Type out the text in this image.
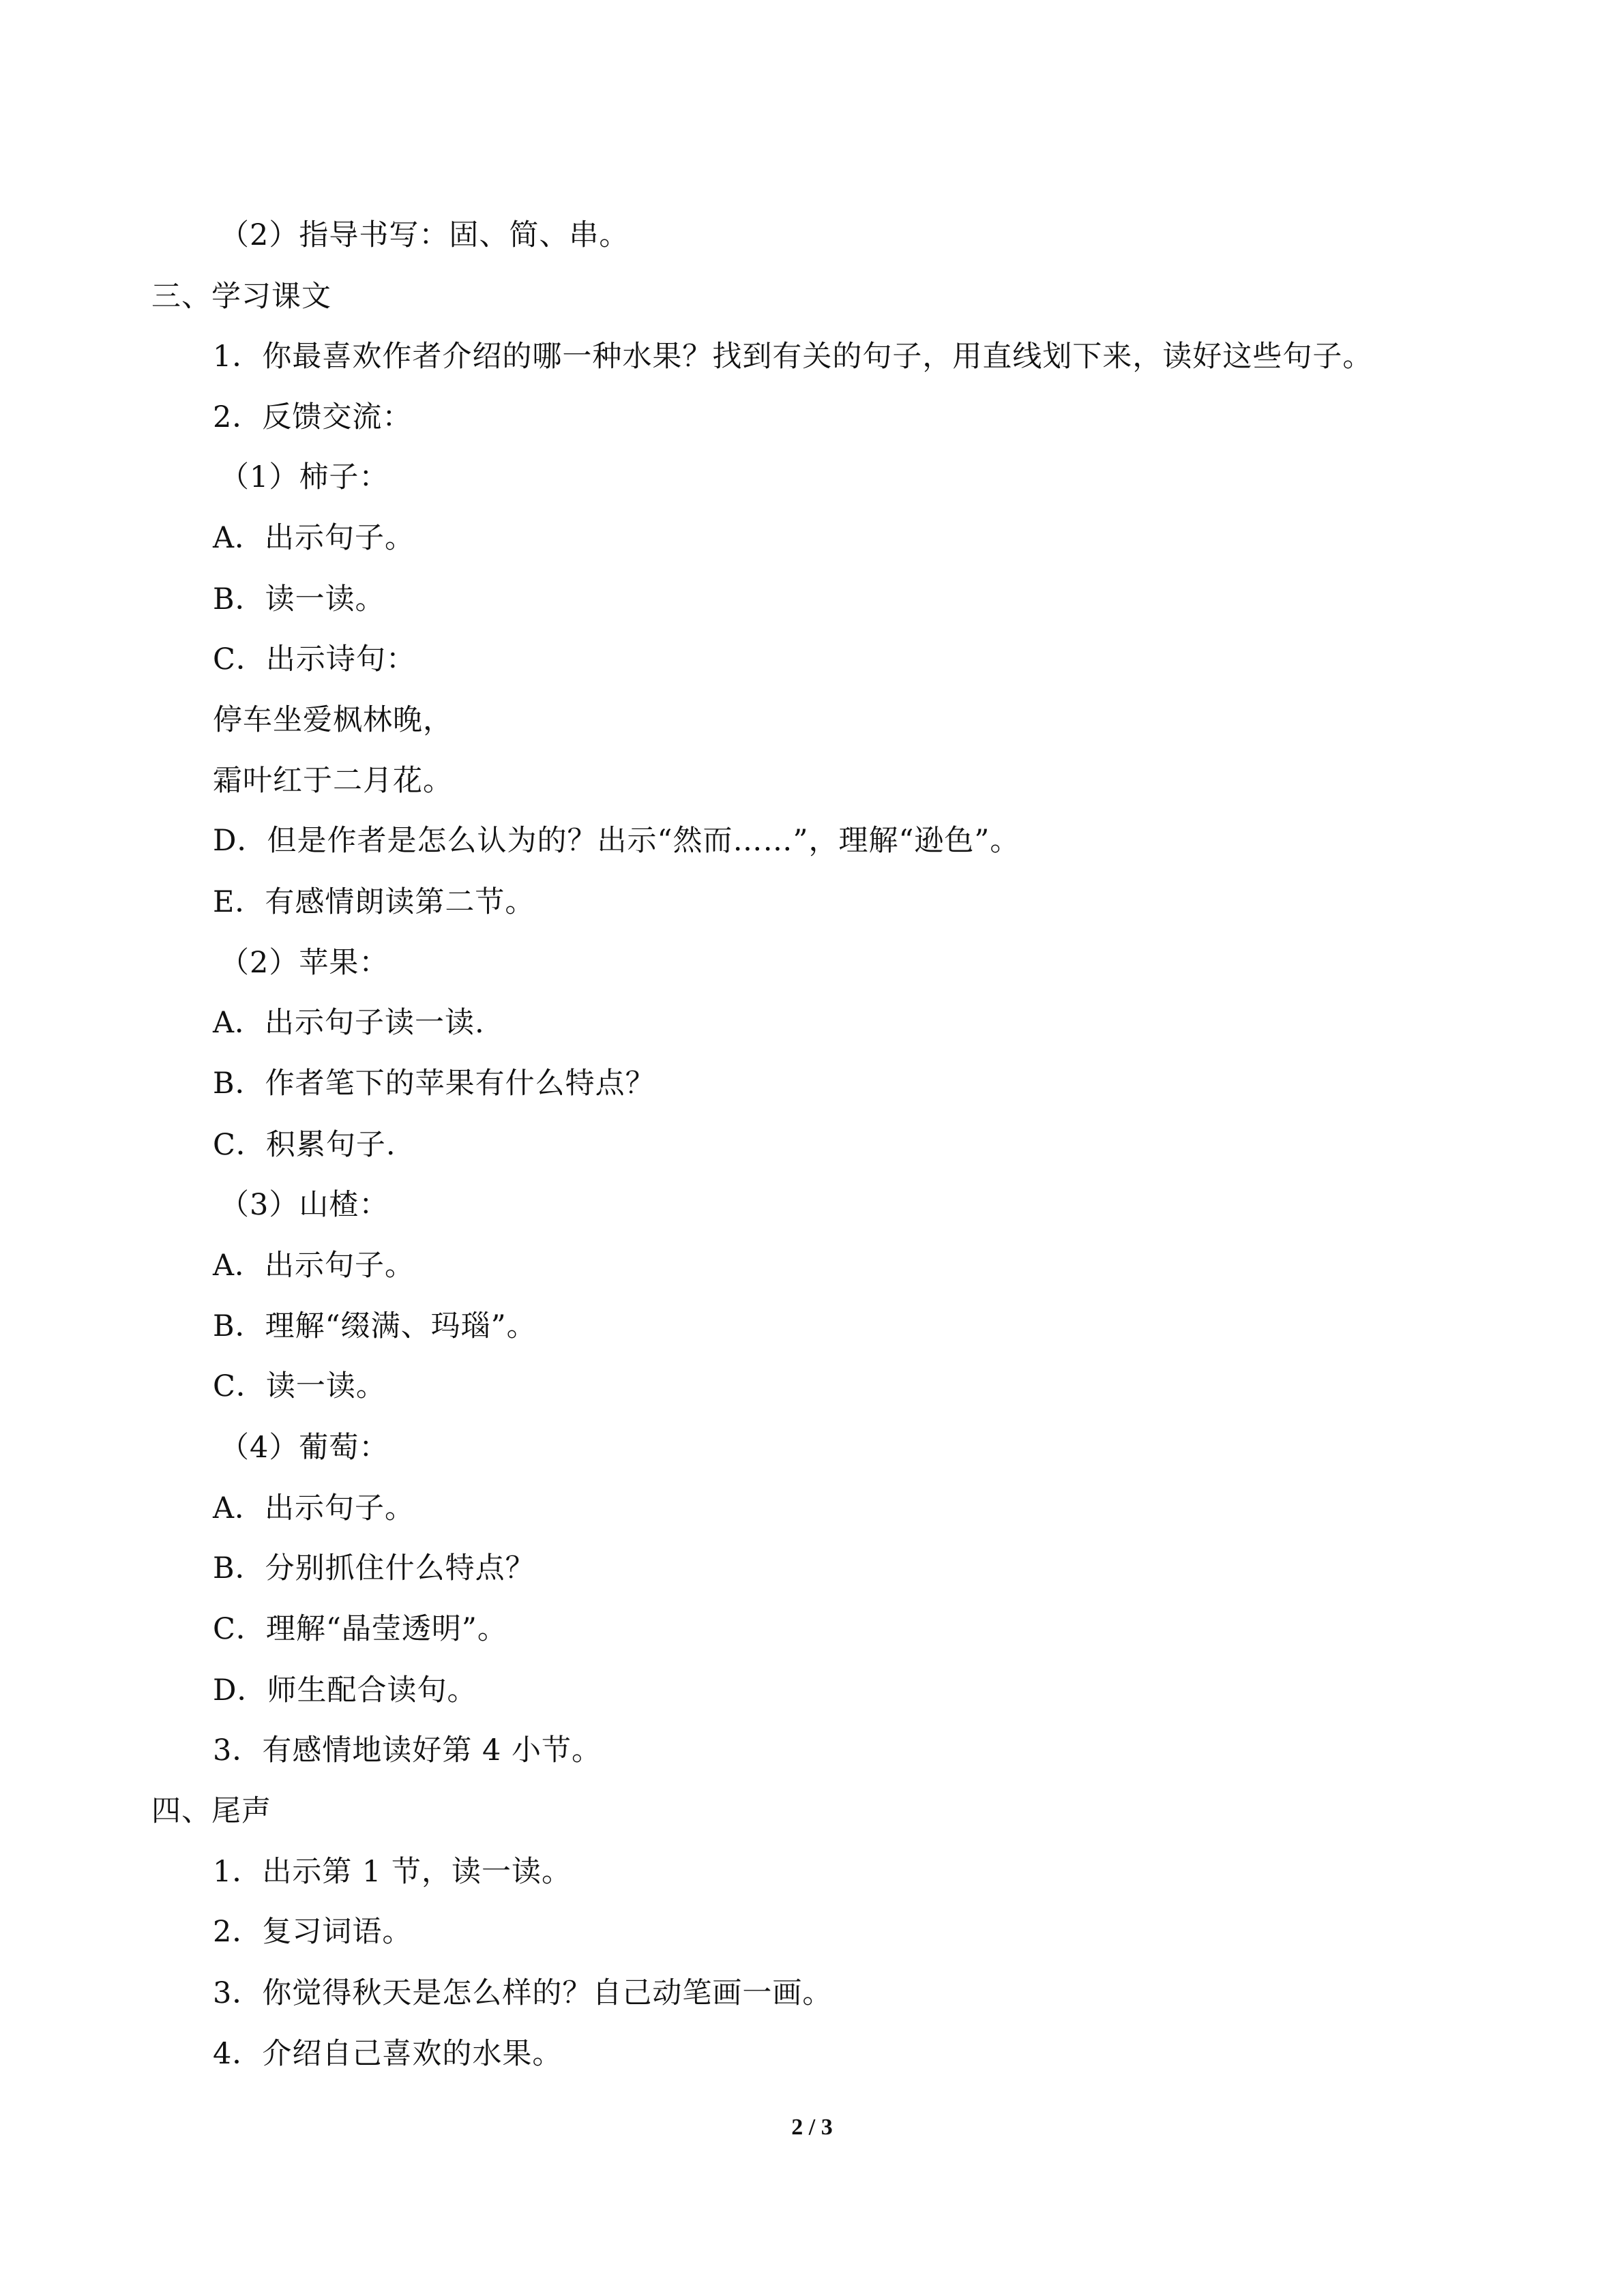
（2）指导书写：固、简、串。
三、学习课文
1．你最喜欢作者介绍的哪一种水果？找到有关的句子，用直线划下来，读好这些句子。
2．反馈交流：
（1）柿子：
A．出示句子。
B．读一读。
C．出示诗句：
停车坐爱枫林晚，
霜叶红于二月花。
D．但是作者是怎么认为的？出示“然而……”，理解“逊色”。
E．有感情朗读第二节。
（2）苹果：
A．出示句子读一读.
B．作者笔下的苹果有什么特点？
C．积累句子.
（3）山楂：
A．出示句子。
B．理解“缀满、玛瑙”。
C．读一读。
（4）葡萄：
A．出示句子。
B．分别抓住什么特点？
C．理解“晶莹透明”。
D．师生配合读句。
3．有感情地读好第 4 小节。
四、尾声
1．出示第 1 节，读一读。
2．复习词语。
3．你觉得秋天是怎么样的？自己动笔画一画。
4．介绍自己喜欢的水果。
2 / 3
